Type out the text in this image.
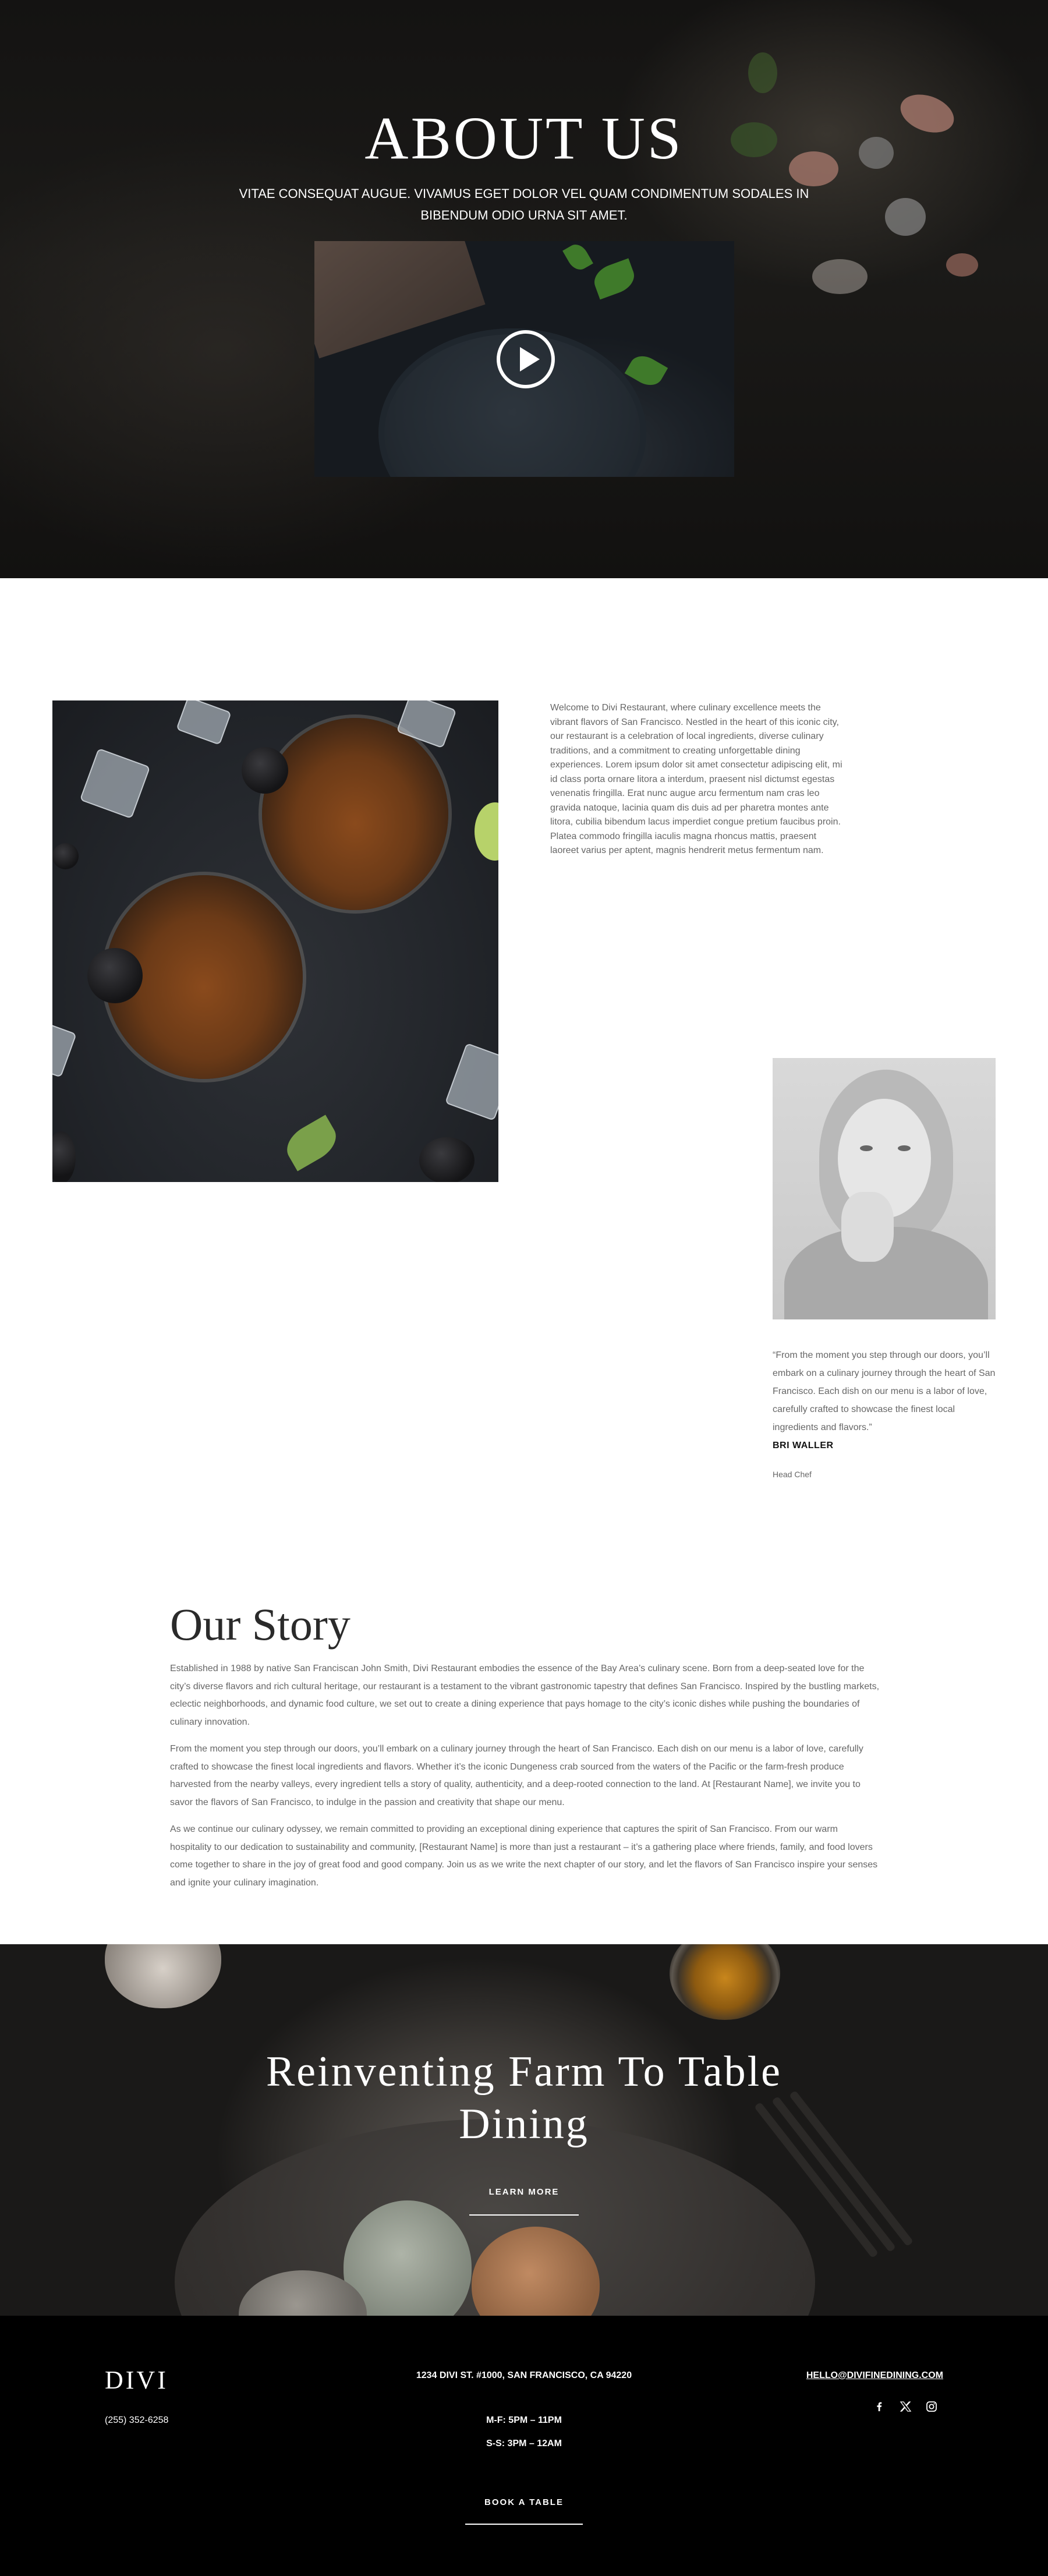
ABOUT US

VITAE CONSEQUAT AUGUE. VIVAMUS EGET DOLOR VEL QUAM CONDIMENTUM SODALES IN BIBENDUM ODIO URNA SIT AMET.

Welcome to Divi Restaurant, where culinary excellence meets the vibrant flavors of San Francisco. Nestled in the heart of this iconic city, our restaurant is a celebration of local ingredients, diverse culinary traditions, and a commitment to creating unforgettable dining experiences. Lorem ipsum dolor sit amet consectetur adipiscing elit, mi id class porta ornare litora a interdum, praesent nisl dictumst egestas venenatis fringilla. Erat nunc augue arcu fermentum nam cras leo gravida natoque, lacinia quam dis duis ad per pharetra montes ante litora, cubilia bibendum lacus imperdiet congue pretium faucibus proin. Platea commodo fringilla iaculis magna rhoncus mattis, praesent laoreet varius per aptent, magnis hendrerit metus fermentum nam.

“From the moment you step through our doors, you’ll embark on a culinary journey through the heart of San Francisco. Each dish on our menu is a labor of love, carefully crafted to showcase the finest local ingredients and flavors.”

BRI WALLER
Head Chef
Our Story

Established in 1988 by native San Franciscan John Smith, Divi Restaurant embodies the essence of the Bay Area’s culinary scene. Born from a deep-seated love for the city’s diverse flavors and rich cultural heritage, our restaurant is a testament to the vibrant gastronomic tapestry that defines San Francisco. Inspired by the bustling markets, eclectic neighborhoods, and dynamic food culture, we set out to create a dining experience that pays homage to the city’s iconic dishes while pushing the boundaries of culinary innovation.

From the moment you step through our doors, you’ll embark on a culinary journey through the heart of San Francisco. Each dish on our menu is a labor of love, carefully crafted to showcase the finest local ingredients and flavors. Whether it’s the iconic Dungeness crab sourced from the waters of the Pacific or the farm-fresh produce harvested from the nearby valleys, every ingredient tells a story of quality, authenticity, and a deep-rooted connection to the land. At [Restaurant Name], we invite you to savor the flavors of San Francisco, to indulge in the passion and creativity that shape our menu.

As we continue our culinary odyssey, we remain committed to providing an exceptional dining experience that captures the spirit of San Francisco. From our warm hospitality to our dedication to sustainability and community, [Restaurant Name] is more than just a restaurant – it’s a gathering place where friends, family, and food lovers come together to share in the joy of great food and good company. Join us as we write the next chapter of our story, and let the flavors of San Francisco inspire your senses and ignite your culinary imagination.

Reinventing Farm To Table Dining
LEARN MORE
DIVI
(255) 352-6258
1234 DIVI ST. #1000, SAN FRANCISCO, CA 94220
M-F: 5PM – 11PM
S-S: 3PM – 12AM
HELLO@DIVIFINEDINING.COM
BOOK A TABLE
